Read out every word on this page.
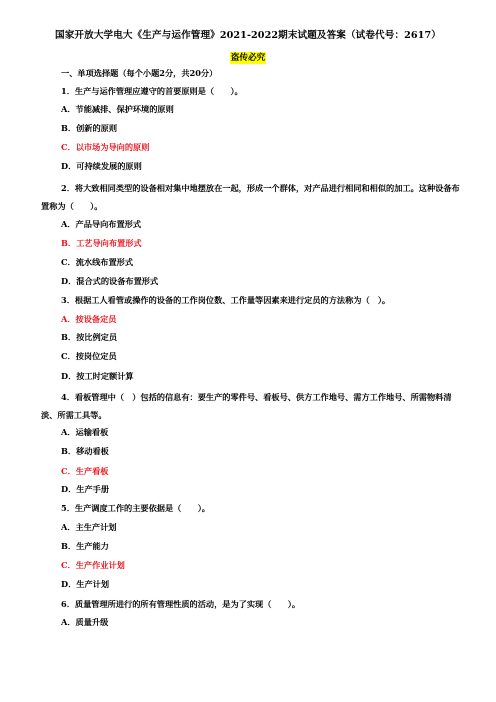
国家开放大学电大《生产与运作管理》2021-2022期末试题及答案（试卷代号：2617）
盗传必究
一、单项选择题（每个小题2分，共20分）
1．生产与运作管理应遵守的首要原则是（　　）。
A．节能减排、保护环境的原则
B．创新的原则
C．以市场为导向的原则
D．可持续发展的原则
2．将大致相同类型的设备相对集中地摆放在一起，形成一个群体，对产品进行相同和相似的加工。这种设备布置称为（　　）。
A．产品导向布置形式
B．工艺导向布置形式
C．流水线布置形式
D．混合式的设备布置形式
3．根据工人看管或操作的设备的工作岗位数、工作量等因素来进行定员的方法称为（　）。
A．按设备定员
B．按比例定员
C．按岗位定员
D．按工时定额计算
4．看板管理中（　）包括的信息有：要生产的零件号、看板号、供方工作地号、需方工作地号、所需物料清淡、所需工具等。
A．运输看板
B．移动看板
C．生产看板
D．生产手册
5．生产调度工作的主要依据是（　　）。
A．主生产计划
B．生产能力
C．生产作业计划
D．生产计划
6．质量管理所进行的所有管理性质的活动，是为了实现（　　）。
A．质量升级
